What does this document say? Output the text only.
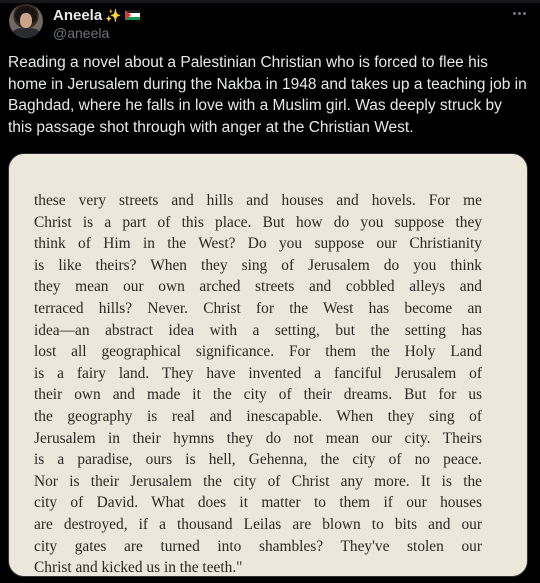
Aneela ✨
@aneela

Reading a novel about a Palestinian Christian who is forced to flee his home in Jerusalem during the Nakba in 1948 and takes up a teaching job in Baghdad, where he falls in love with a Muslim girl. Was deeply struck by this passage shot through with anger at the Christian West.

these very streets and hills and houses and hovels. For me
Christ is a part of this place. But how do you suppose they
think of Him in the West? Do you suppose our Christianity
is like theirs? When they sing of Jerusalem do you think
they mean our own arched streets and cobbled alleys and
terraced hills? Never. Christ for the West has become an
idea—an abstract idea with a setting, but the setting has
lost all geographical significance. For them the Holy Land
is a fairy land. They have invented a fanciful Jerusalem of
their own and made it the city of their dreams. But for us
the geography is real and inescapable. When they sing of
Jerusalem in their hymns they do not mean our city. Theirs
is a paradise, ours is hell, Gehenna, the city of no peace.
Nor is their Jerusalem the city of Christ any more. It is the
city of David. What does it matter to them if our houses
are destroyed, if a thousand Leilas are blown to bits and our
city gates are turned into shambles? They've stolen our
Christ and kicked us in the teeth."
